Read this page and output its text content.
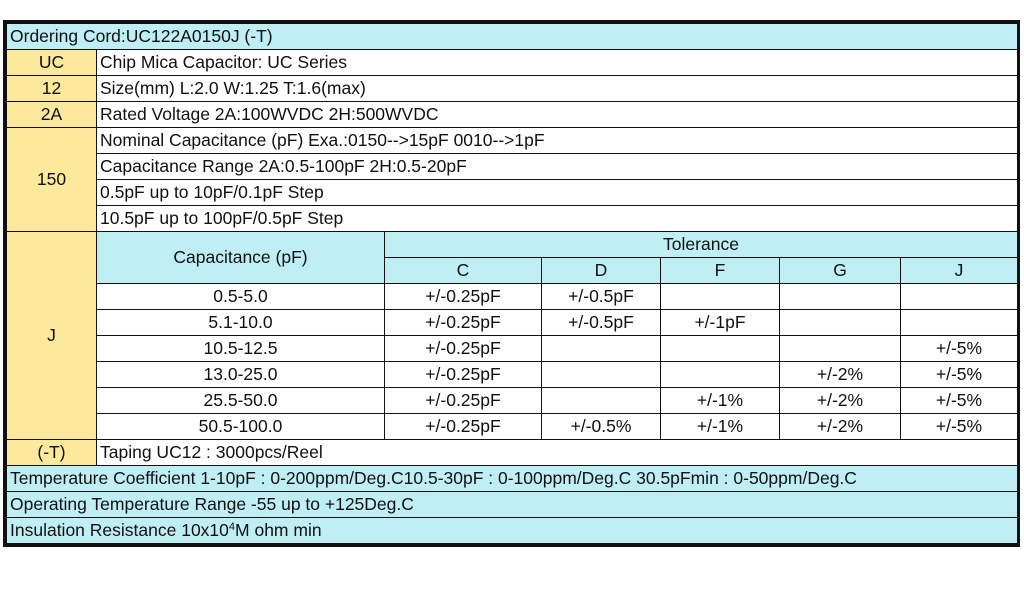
Ordering Cord:UC122A0150J (-T)						
UC	Chip Mica Capacitor: UC Series					
12	Size(mm) L:2.0 W:1.25 T:1.6(max)					
2A	Rated Voltage 2A:100WVDC 2H:500WVDC					
150	Nominal Capacitance (pF) Exa.:0150-->15pF 0010-->1pF					
	Capacitance Range 2A:0.5-100pF 2H:0.5-20pF					
	0.5pF up to 10pF/0.1pF Step					
	10.5pF up to 100pF/0.5pF Step					
J	Capacitance (pF)	Tolerance				
		C	D	F	G	J
	0.5-5.0	+/-0.25pF	+/-0.5pF			
	5.1-10.0	+/-0.25pF	+/-0.5pF	+/-1pF		
	10.5-12.5	+/-0.25pF				+/-5%
	13.0-25.0	+/-0.25pF			+/-2%	+/-5%
	25.5-50.0	+/-0.25pF		+/-1%	+/-2%	+/-5%
	50.5-100.0	+/-0.25pF	+/-0.5%	+/-1%	+/-2%	+/-5%
(-T)	Taping UC12 : 3000pcs/Reel					
Temperature Coefficient 1-10pF : 0-200ppm/Deg.C10.5-30pF : 0-100ppm/Deg.C 30.5pFmin : 0-50ppm/Deg.C						
Operating Temperature Range -55 up to +125Deg.C						
Insulation Resistance $10x10^4M$ ohm min						
